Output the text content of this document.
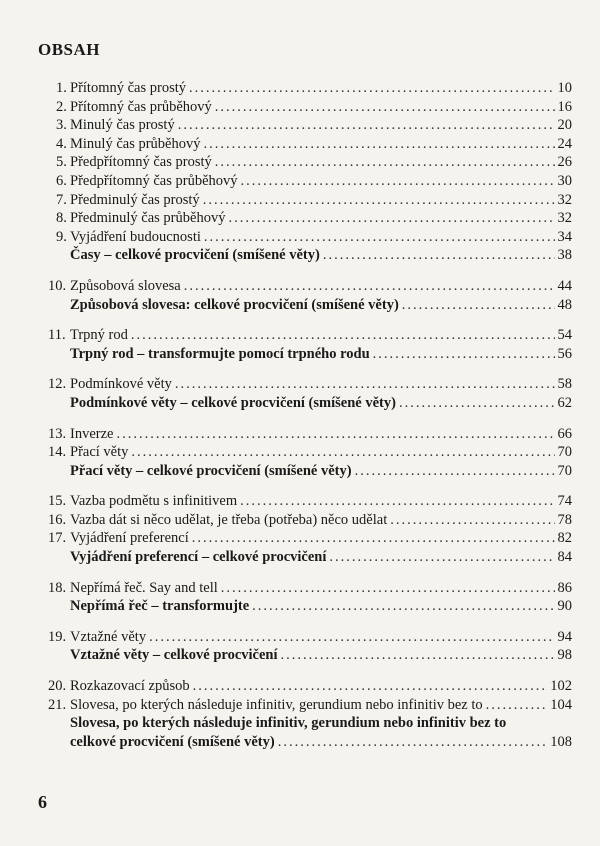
OBSAH
1. Přítomný čas prostý .....	10
2. Přítomný čas průběhový .....	16
3. Minulý čas prostý .....	20
4. Minulý čas průběhový .....	24
5. Předpřítomný čas prostý .....	26
6. Předpřítomný čas průběhový .....	30
7. Předminulý čas prostý .....	32
8. Předminulý čas průběhový .....	32
9. Vyjádření budoucnosti .....	34
Časy – celkové procvičení (smíšené věty) .....	38
10. Způsobová slovesa .....	44
Způsobová slovesa: celkové procvičení (smíšené věty) .....	48
11. Trpný rod .....	54
Trpný rod – transformujte pomocí trpného rodu .....	56
12. Podmínkové věty .....	58
Podmínkové věty – celkové procvičení (smíšené věty) .....	62
13. Inverze .....	66
14. Přací věty .....	70
Přací věty – celkové procvičení (smíšené věty) .....	70
15. Vazba podmětu s infinitivem .....	74
16. Vazba dát si něco udělat, je třeba (potřeba) něco udělat .....	78
17. Vyjádření preferencí .....	82
Vyjádření preferencí – celkové procvičení .....	84
18. Nepřímá řeč. Say and tell .....	86
Nepřímá řeč – transformujte .....	90
19. Vztažné věty .....	94
Vztažné věty – celkové procvičení .....	98
20. Rozkazovací způsob .....	102
21. Slovesa, po kterých následuje infinitiv, gerundium nebo infinitiv bez to .....	104
Slovesa, po kterých následuje infinitiv, gerundium nebo infinitiv bez to
celkové procvičení (smíšené věty) .....	108
6
